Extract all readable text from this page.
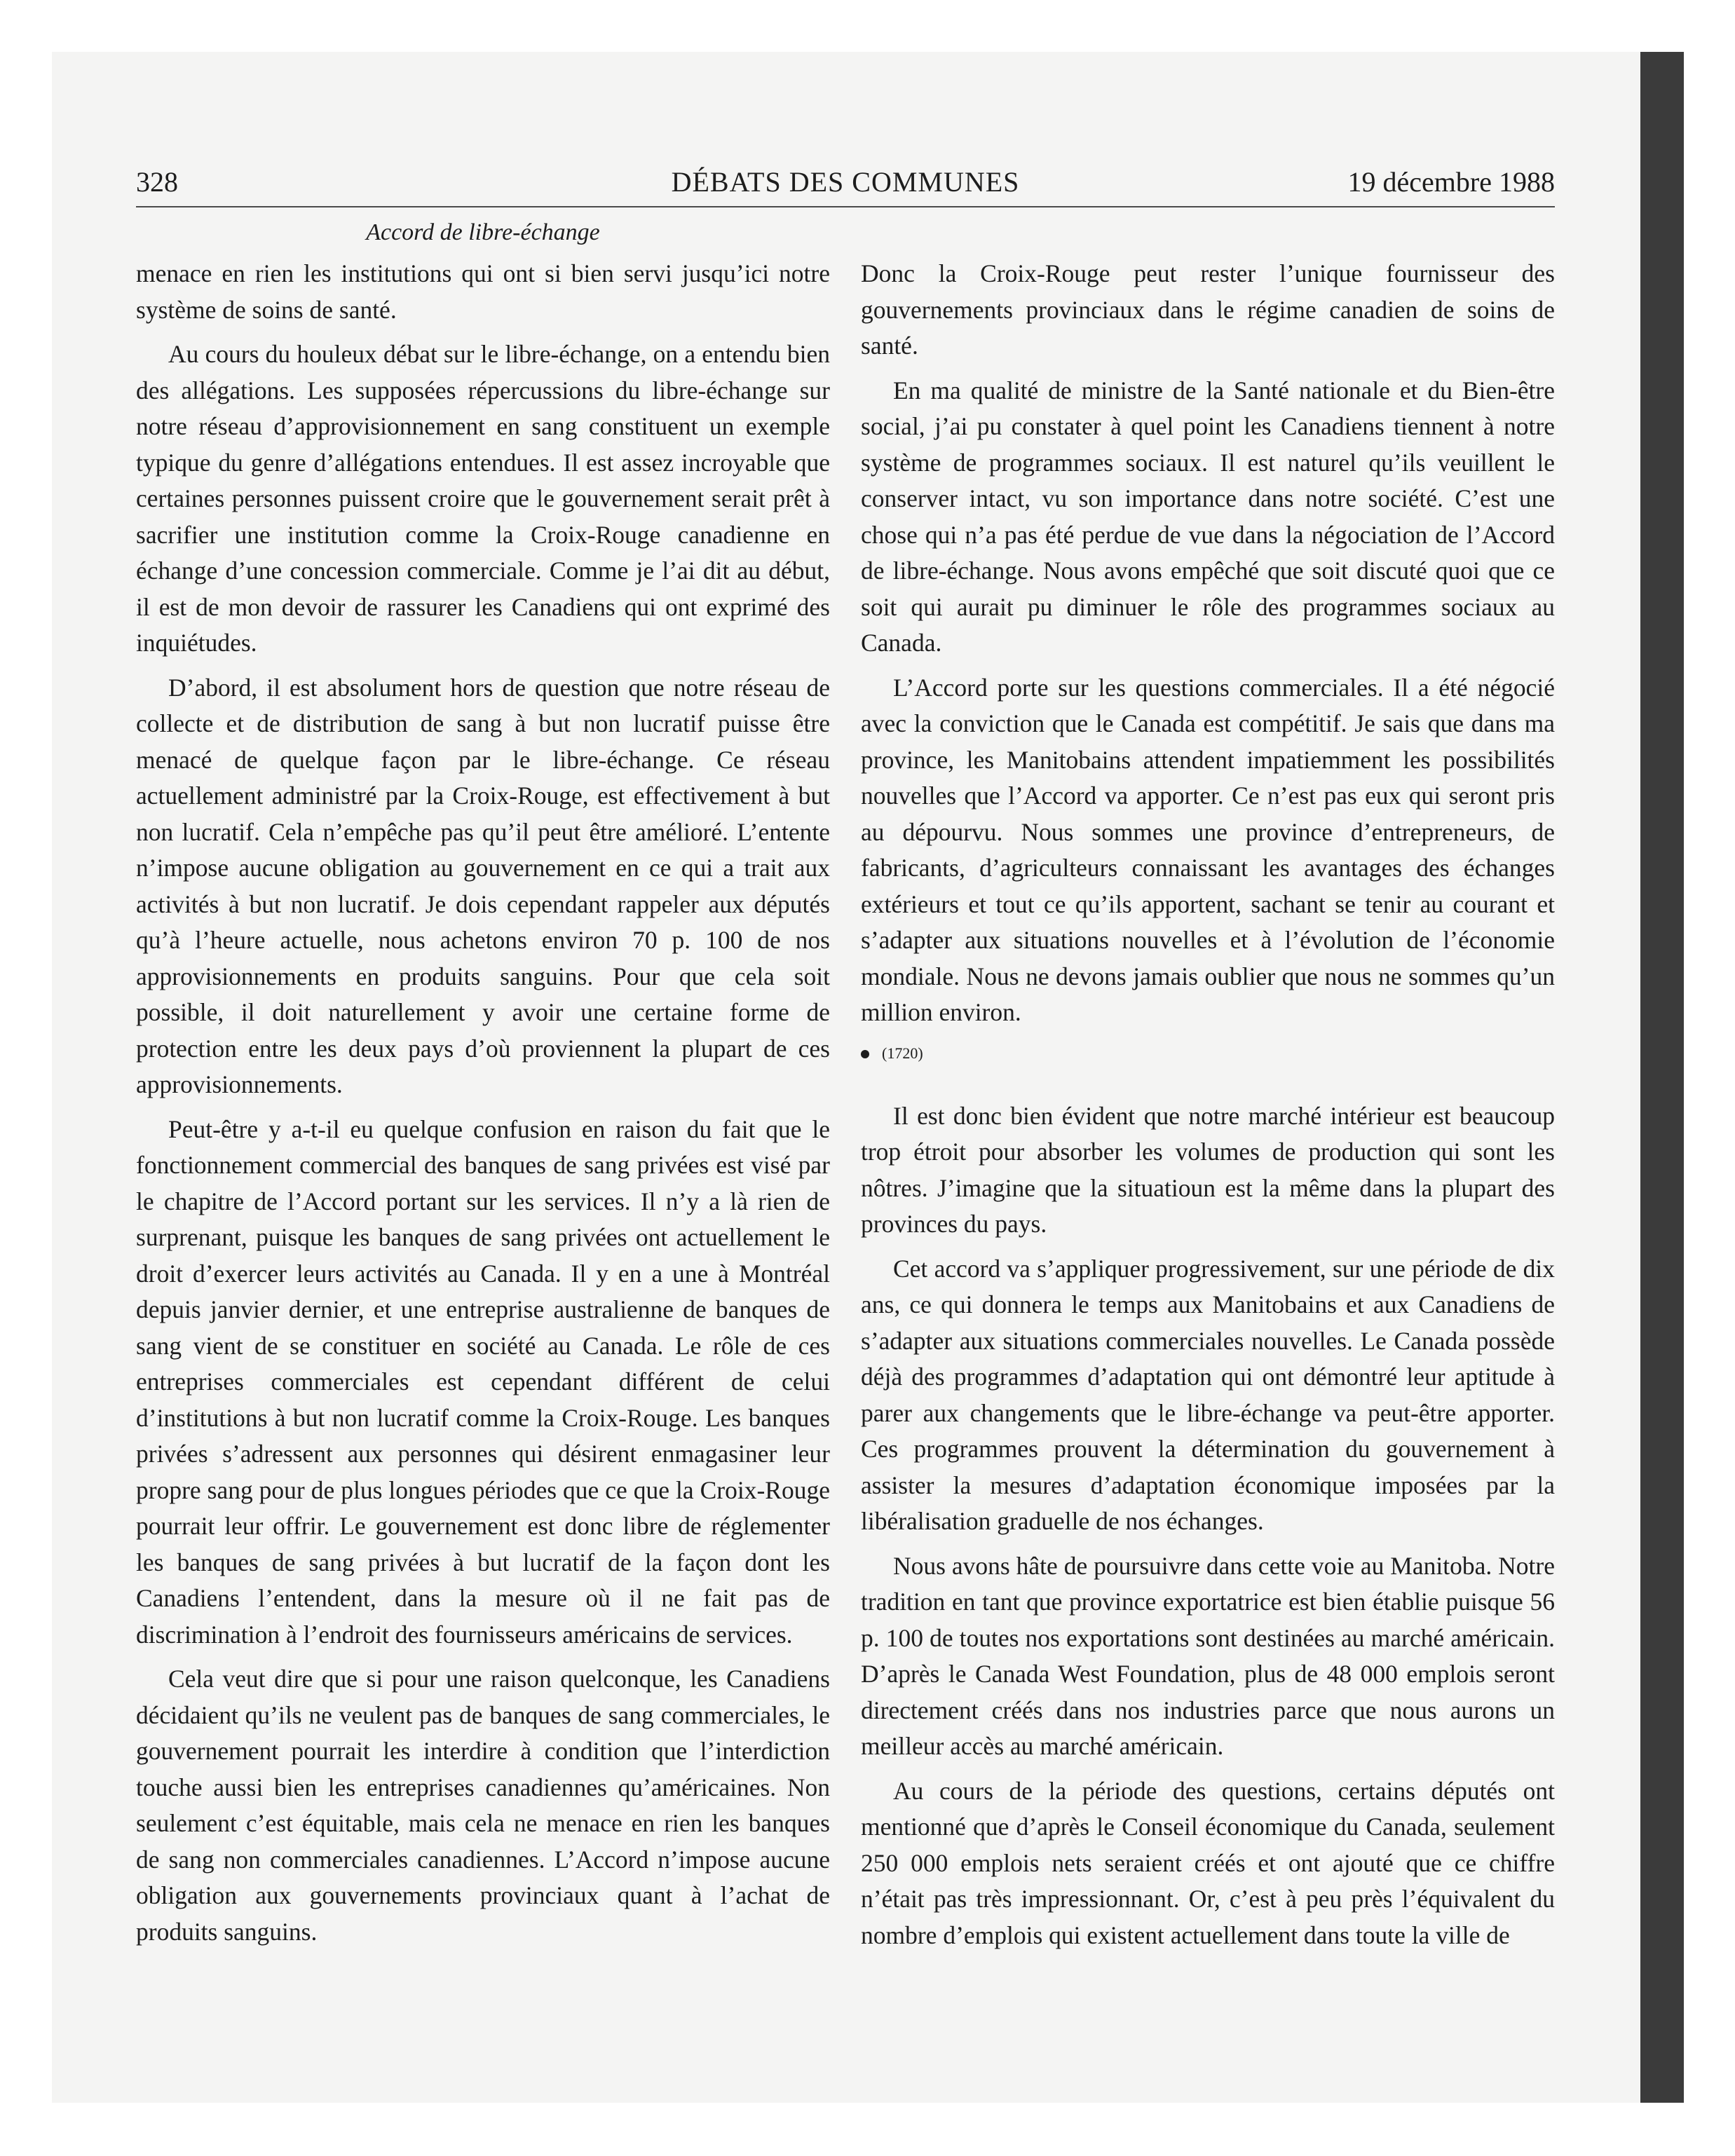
328	DÉBATS DES COMMUNES	19 décembre 1988
Accord de libre-échange

menace en rien les institutions qui ont si bien servi jusqu’ici notre système de soins de santé.

Au cours du houleux débat sur le libre-échange, on a entendu bien des allégations. Les supposées répercussions du libre-échange sur notre réseau d’approvisionnement en sang constituent un exemple typique du genre d’allégations entendues. Il est assez incroyable que certaines personnes puissent croire que le gouvernement serait prêt à sacrifier une institution comme la Croix-Rouge canadienne en échange d’une concession commerciale. Comme je l’ai dit au début, il est de mon devoir de rassurer les Canadiens qui ont exprimé des inquiétudes.

D’abord, il est absolument hors de question que notre réseau de collecte et de distribution de sang à but non lucratif puisse être menacé de quelque façon par le libre-échange. Ce réseau actuellement administré par la Croix-Rouge, est effectivement à but non lucratif. Cela n’empêche pas qu’il peut être amélioré. L’entente n’impose aucune obligation au gouvernement en ce qui a trait aux activités à but non lucratif. Je dois cependant rappeler aux députés qu’à l’heure actuelle, nous achetons environ 70 p. 100 de nos approvisionnements en produits sanguins. Pour que cela soit possible, il doit naturellement y avoir une certaine forme de protection entre les deux pays d’où proviennent la plupart de ces approvisionnements.

Peut-être y a-t-il eu quelque confusion en raison du fait que le fonctionnement commercial des banques de sang privées est visé par le chapitre de l’Accord portant sur les services. Il n’y a là rien de surprenant, puisque les banques de sang privées ont actuellement le droit d’exercer leurs activités au Canada. Il y en a une à Montréal depuis janvier dernier, et une entreprise australienne de banques de sang vient de se constituer en société au Canada. Le rôle de ces entreprises commerciales est cependant différent de celui d’institutions à but non lucratif comme la Croix-Rouge. Les banques privées s’adressent aux personnes qui désirent enmagasiner leur propre sang pour de plus longues périodes que ce que la Croix-Rouge pourrait leur offrir. Le gouvernement est donc libre de réglementer les banques de sang privées à but lucratif de la façon dont les Canadiens l’entendent, dans la mesure où il ne fait pas de discrimination à l’endroit des fournisseurs américains de services.

Cela veut dire que si pour une raison quelconque, les Canadiens décidaient qu’ils ne veulent pas de banques de sang commerciales, le gouvernement pourrait les interdire à condition que l’interdiction touche aussi bien les entreprises canadiennes qu’américaines. Non seulement c’est équitable, mais cela ne menace en rien les banques de sang non commerciales canadiennes. L’Accord n’impose aucune obligation aux gouvernements provinciaux quant à l’achat de produits sanguins.

Donc la Croix-Rouge peut rester l’unique fournisseur des gouvernements provinciaux dans le régime canadien de soins de santé.

En ma qualité de ministre de la Santé nationale et du Bien-être social, j’ai pu constater à quel point les Canadiens tiennent à notre système de programmes sociaux. Il est naturel qu’ils veuillent le conserver intact, vu son importance dans notre société. C’est une chose qui n’a pas été perdue de vue dans la négociation de l’Accord de libre-échange. Nous avons empêché que soit discuté quoi que ce soit qui aurait pu diminuer le rôle des programmes sociaux au Canada.

L’Accord porte sur les questions commerciales. Il a été négocié avec la conviction que le Canada est compétitif. Je sais que dans ma province, les Manitobains attendent impatiemment les possibilités nouvelles que l’Accord va apporter. Ce n’est pas eux qui seront pris au dépourvu. Nous sommes une province d’entrepreneurs, de fabricants, d’agriculteurs connaissant les avantages des échanges extérieurs et tout ce qu’ils apportent, sachant se tenir au courant et s’adapter aux situations nouvelles et à l’évolution de l’économie mondiale. Nous ne devons jamais oublier que nous ne sommes qu’un million environ.

(1720)

Il est donc bien évident que notre marché intérieur est beaucoup trop étroit pour absorber les volumes de production qui sont les nôtres. J’imagine que la situatioun est la même dans la plupart des provinces du pays.

Cet accord va s’appliquer progressivement, sur une période de dix ans, ce qui donnera le temps aux Manitobains et aux Canadiens de s’adapter aux situations commerciales nouvelles. Le Canada possède déjà des programmes d’adaptation qui ont démontré leur aptitude à parer aux changements que le libre-échange va peut-être apporter. Ces programmes prouvent la détermination du gouvernement à assister la mesures d’adaptation économique imposées par la libéralisation graduelle de nos échanges.

Nous avons hâte de poursuivre dans cette voie au Manitoba. Notre tradition en tant que province exportatrice est bien établie puisque 56 p. 100 de toutes nos exportations sont destinées au marché américain. D’après le Canada West Foundation, plus de 48 000 emplois seront directement créés dans nos industries parce que nous aurons un meilleur accès au marché américain.

Au cours de la période des questions, certains députés ont mentionné que d’après le Conseil économique du Canada, seulement 250 000 emplois nets seraient créés et ont ajouté que ce chiffre n’était pas très impressionnant. Or, c’est à peu près l’équivalent du nombre d’emplois qui existent actuellement dans toute la ville de
